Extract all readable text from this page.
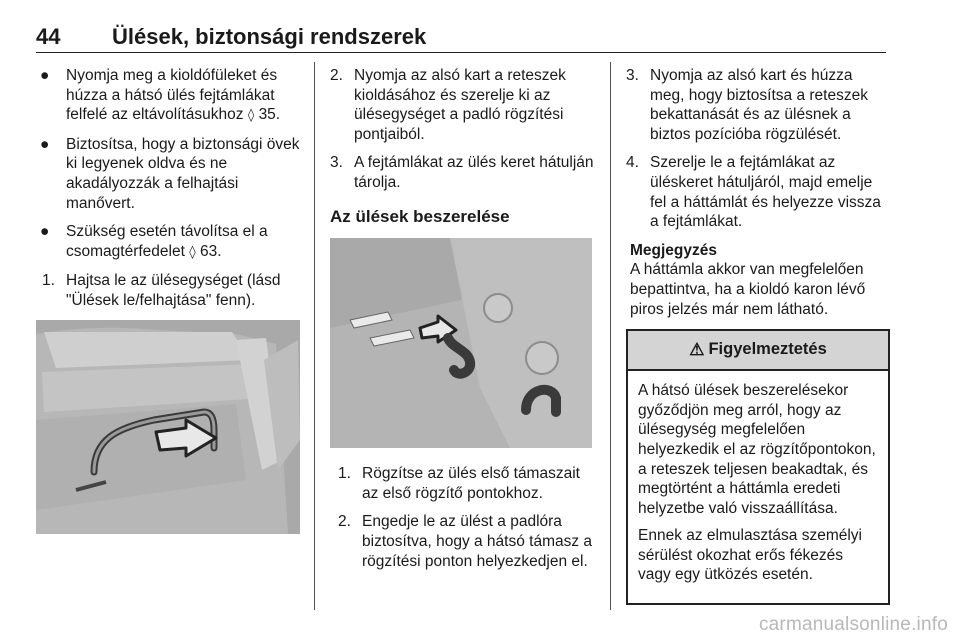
44 Ülések, biztonsági rendszerek
● Nyomja meg a kioldófüleket és húzza a hátsó ülés fejtámlákat felfelé az eltávolításukhoz ◊ 35.
● Biztosítsa, hogy a biztonsági övek ki legyenek oldva és ne akadályozzák a felhajtási manővert.
● Szükség esetén távolítsa el a csomagtérfedelet ◊ 63.
1. Hajtsa le az ülésegységet (lásd "Ülések le/felhajtása" fenn).
2. Nyomja az alsó kart a reteszek kioldásához és szerelje ki az ülésegységet a padló rögzítési pontjaiból.
3. A fejtámlákat az ülés keret hátulján tárolja.
Az ülések beszerelése
1. Rögzítse az ülés első támaszait az első rögzítő pontokhoz.
2. Engedje le az ülést a padlóra biztosítva, hogy a hátsó támasz a rögzítési ponton helyezkedjen el.
3. Nyomja az alsó kart és húzza meg, hogy biztosítsa a reteszek bekattanását és az ülésnek a biztos pozícióba rögzülését.
4. Szerelje le a fejtámlákat az üléskeret hátuljáról, majd emelje fel a háttámlát és helyezze vissza a fejtámlákat.
Megjegyzés
A háttámla akkor van megfelelően bepattintva, ha a kioldó karon lévő piros jelzés már nem látható.
⚠ Figyelmeztetés

A hátsó ülések beszerelésekor győződjön meg arról, hogy az ülésegység megfelelően helyezkedik el az rögzítőpontokon, a reteszek teljesen beakadtak, és megtörtént a háttámla eredeti helyzetbe való visszaállítása.

Ennek az elmulasztása személyi sérülést okozhat erős fékezés vagy egy ütközés esetén.

carmanualsonline.info
